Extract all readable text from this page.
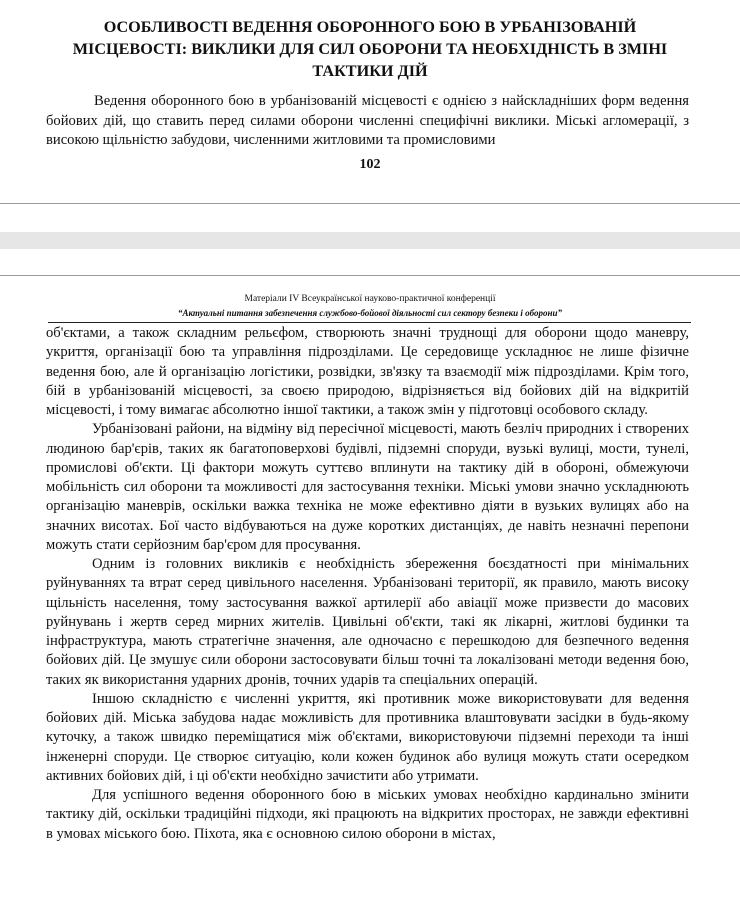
ОСОБЛИВОСТІ ВЕДЕННЯ ОБОРОННОГО БОЮ В УРБАНІЗОВАНІЙ МІСЦЕВОСТІ: ВИКЛИКИ ДЛЯ СИЛ ОБОРОНИ ТА НЕОБХІДНІСТЬ В ЗМІНІ ТАКТИКИ ДІЙ
Ведення оборонного бою в урбанізованій місцевості є однією з найскладніших форм ведення бойових дій, що ставить перед силами оборони численні специфічні виклики. Міські агломерації, з високою щільністю забудови, численними житловими та промисловими
102
Матеріали IV Всеукраїнської науково-практичної конференції
“Актуальні питання забезпечення службово-бойової діяльності сил сектору безпеки і оборони”

об'єктами, а також складним рельєфом, створюють значні труднощі для оборони щодо маневру, укриття, організації бою та управління підрозділами. Це середовище ускладнює не лише фізичне ведення бою, але й організацію логістики, розвідки, зв'язку та взаємодії між підрозділами. Крім того, бій в урбанізованій місцевості, за своєю природою, відрізняється від бойових дій на відкритій місцевості, і тому вимагає абсолютно іншої тактики, а також змін у підготовці особового складу.

Урбанізовані райони, на відміну від пересічної місцевості, мають безліч природних і створених людиною бар'єрів, таких як багатоповерхові будівлі, підземні споруди, вузькі вулиці, мости, тунелі, промислові об'єкти. Ці фактори можуть суттєво вплинути на тактику дій в обороні, обмежуючи мобільність сил оборони та можливості для застосування техніки. Міські умови значно ускладнюють організацію маневрів, оскільки важка техніка не може ефективно діяти в вузьких вулицях або на значних висотах. Бої часто відбуваються на дуже коротких дистанціях, де навіть незначні перепони можуть стати серйозним бар'єром для просування.

Одним із головних викликів є необхідність збереження боєздатності при мінімальних руйнуваннях та втрат серед цивільного населення. Урбанізовані території, як правило, мають високу щільність населення, тому застосування важкої артилерії або авіації може призвести до масових руйнувань і жертв серед мирних жителів. Цивільні об'єкти, такі як лікарні, житлові будинки та інфраструктура, мають стратегічне значення, але одночасно є перешкодою для безпечного ведення бойових дій. Це змушує сили оборони застосовувати більш точні та локалізовані методи ведення бою, таких як використання ударних дронів, точних ударів та спеціальних операцій.

Іншою складністю є численні укриття, які противник може використовувати для ведення бойових дій. Міська забудова надає можливість для противника влаштовувати засідки в будь-якому куточку, а також швидко переміщатися між об'єктами, використовуючи підземні переходи та інші інженерні споруди. Це створює ситуацію, коли кожен будинок або вулиця можуть стати осередком активних бойових дій, і ці об'єкти необхідно зачистити або утримати.

Для успішного ведення оборонного бою в міських умовах необхідно кардинально змінити тактику дій, оскільки традиційні підходи, які працюють на відкритих просторах, не завжди ефективні в умовах міського бою. Піхота, яка є основною силою оборони в містах,
